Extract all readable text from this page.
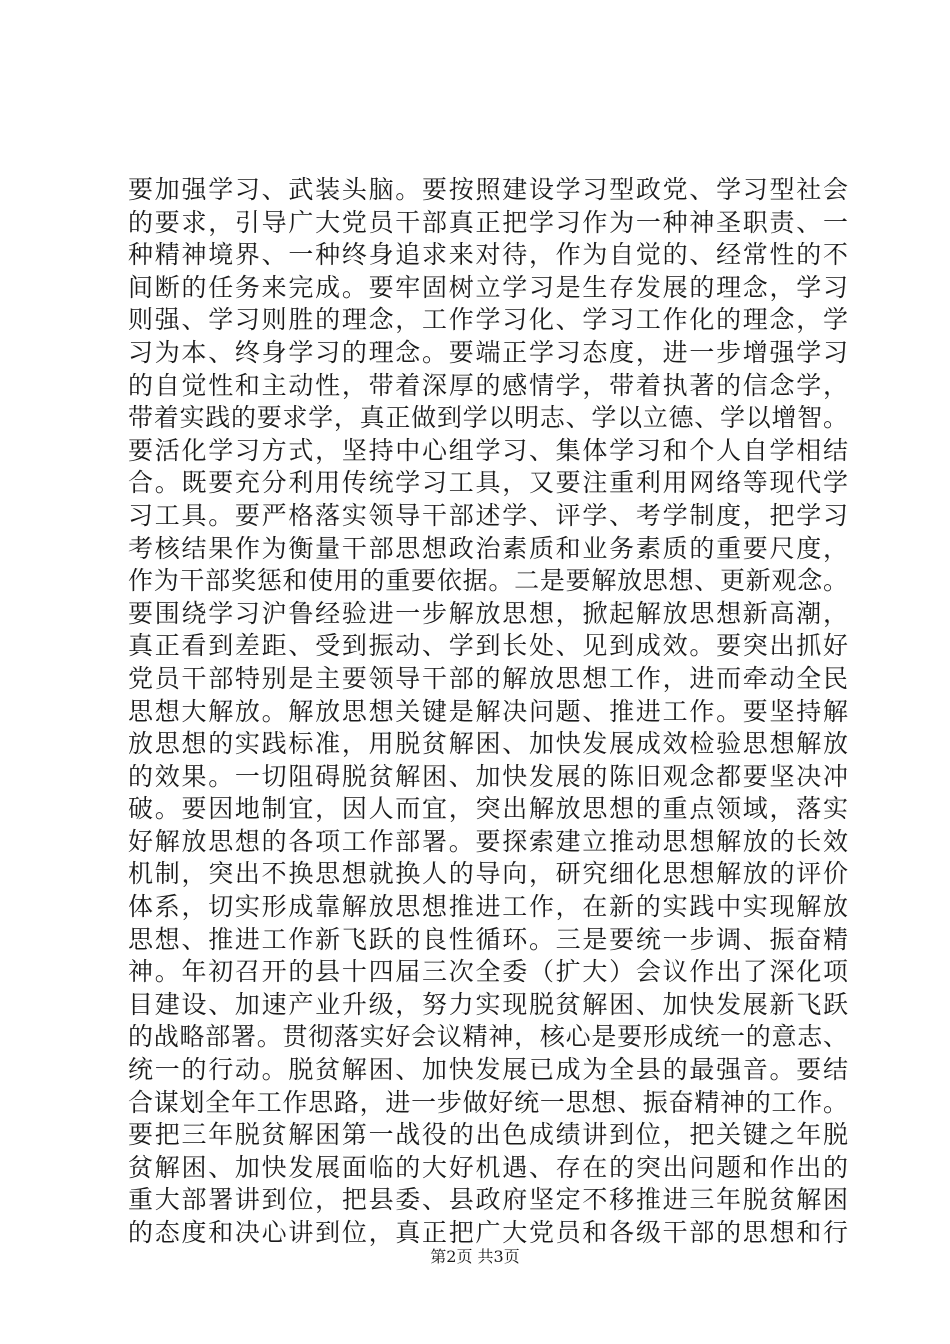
要加强学习、武装头脑。要按照建设学习型政党、学习型社会
的要求，引导广大党员干部真正把学习作为一种神圣职责、一
种精神境界、一种终身追求来对待，作为自觉的、经常性的不
间断的任务来完成。要牢固树立学习是生存发展的理念，学习
则强、学习则胜的理念，工作学习化、学习工作化的理念，学
习为本、终身学习的理念。要端正学习态度，进一步增强学习
的自觉性和主动性，带着深厚的感情学，带着执著的信念学，
带着实践的要求学，真正做到学以明志、学以立德、学以增智。
要活化学习方式，坚持中心组学习、集体学习和个人自学相结
合。既要充分利用传统学习工具，又要注重利用网络等现代学
习工具。要严格落实领导干部述学、评学、考学制度，把学习
考核结果作为衡量干部思想政治素质和业务素质的重要尺度，
作为干部奖惩和使用的重要依据。二是要解放思想、更新观念。
要围绕学习沪鲁经验进一步解放思想，掀起解放思想新高潮，
真正看到差距、受到振动、学到长处、见到成效。要突出抓好
党员干部特别是主要领导干部的解放思想工作，进而牵动全民
思想大解放。解放思想关键是解决问题、推进工作。要坚持解
放思想的实践标准，用脱贫解困、加快发展成效检验思想解放
的效果。一切阻碍脱贫解困、加快发展的陈旧观念都要坚决冲
破。要因地制宜，因人而宜，突出解放思想的重点领域，落实
好解放思想的各项工作部署。要探索建立推动思想解放的长效
机制，突出不换思想就换人的导向，研究细化思想解放的评价
体系，切实形成靠解放思想推进工作，在新的实践中实现解放
思想、推进工作新飞跃的良性循环。三是要统一步调、振奋精
神。年初召开的县十四届三次全委（扩大）会议作出了深化项
目建设、加速产业升级，努力实现脱贫解困、加快发展新飞跃
的战略部署。贯彻落实好会议精神，核心是要形成统一的意志、
统一的行动。脱贫解困、加快发展已成为全县的最强音。要结
合谋划全年工作思路，进一步做好统一思想、振奋精神的工作。
要把三年脱贫解困第一战役的出色成绩讲到位，把关键之年脱
贫解困、加快发展面临的大好机遇、存在的突出问题和作出的
重大部署讲到位，把县委、县政府坚定不移推进三年脱贫解困
的态度和决心讲到位，真正把广大党员和各级干部的思想和行
第2页 共3页
